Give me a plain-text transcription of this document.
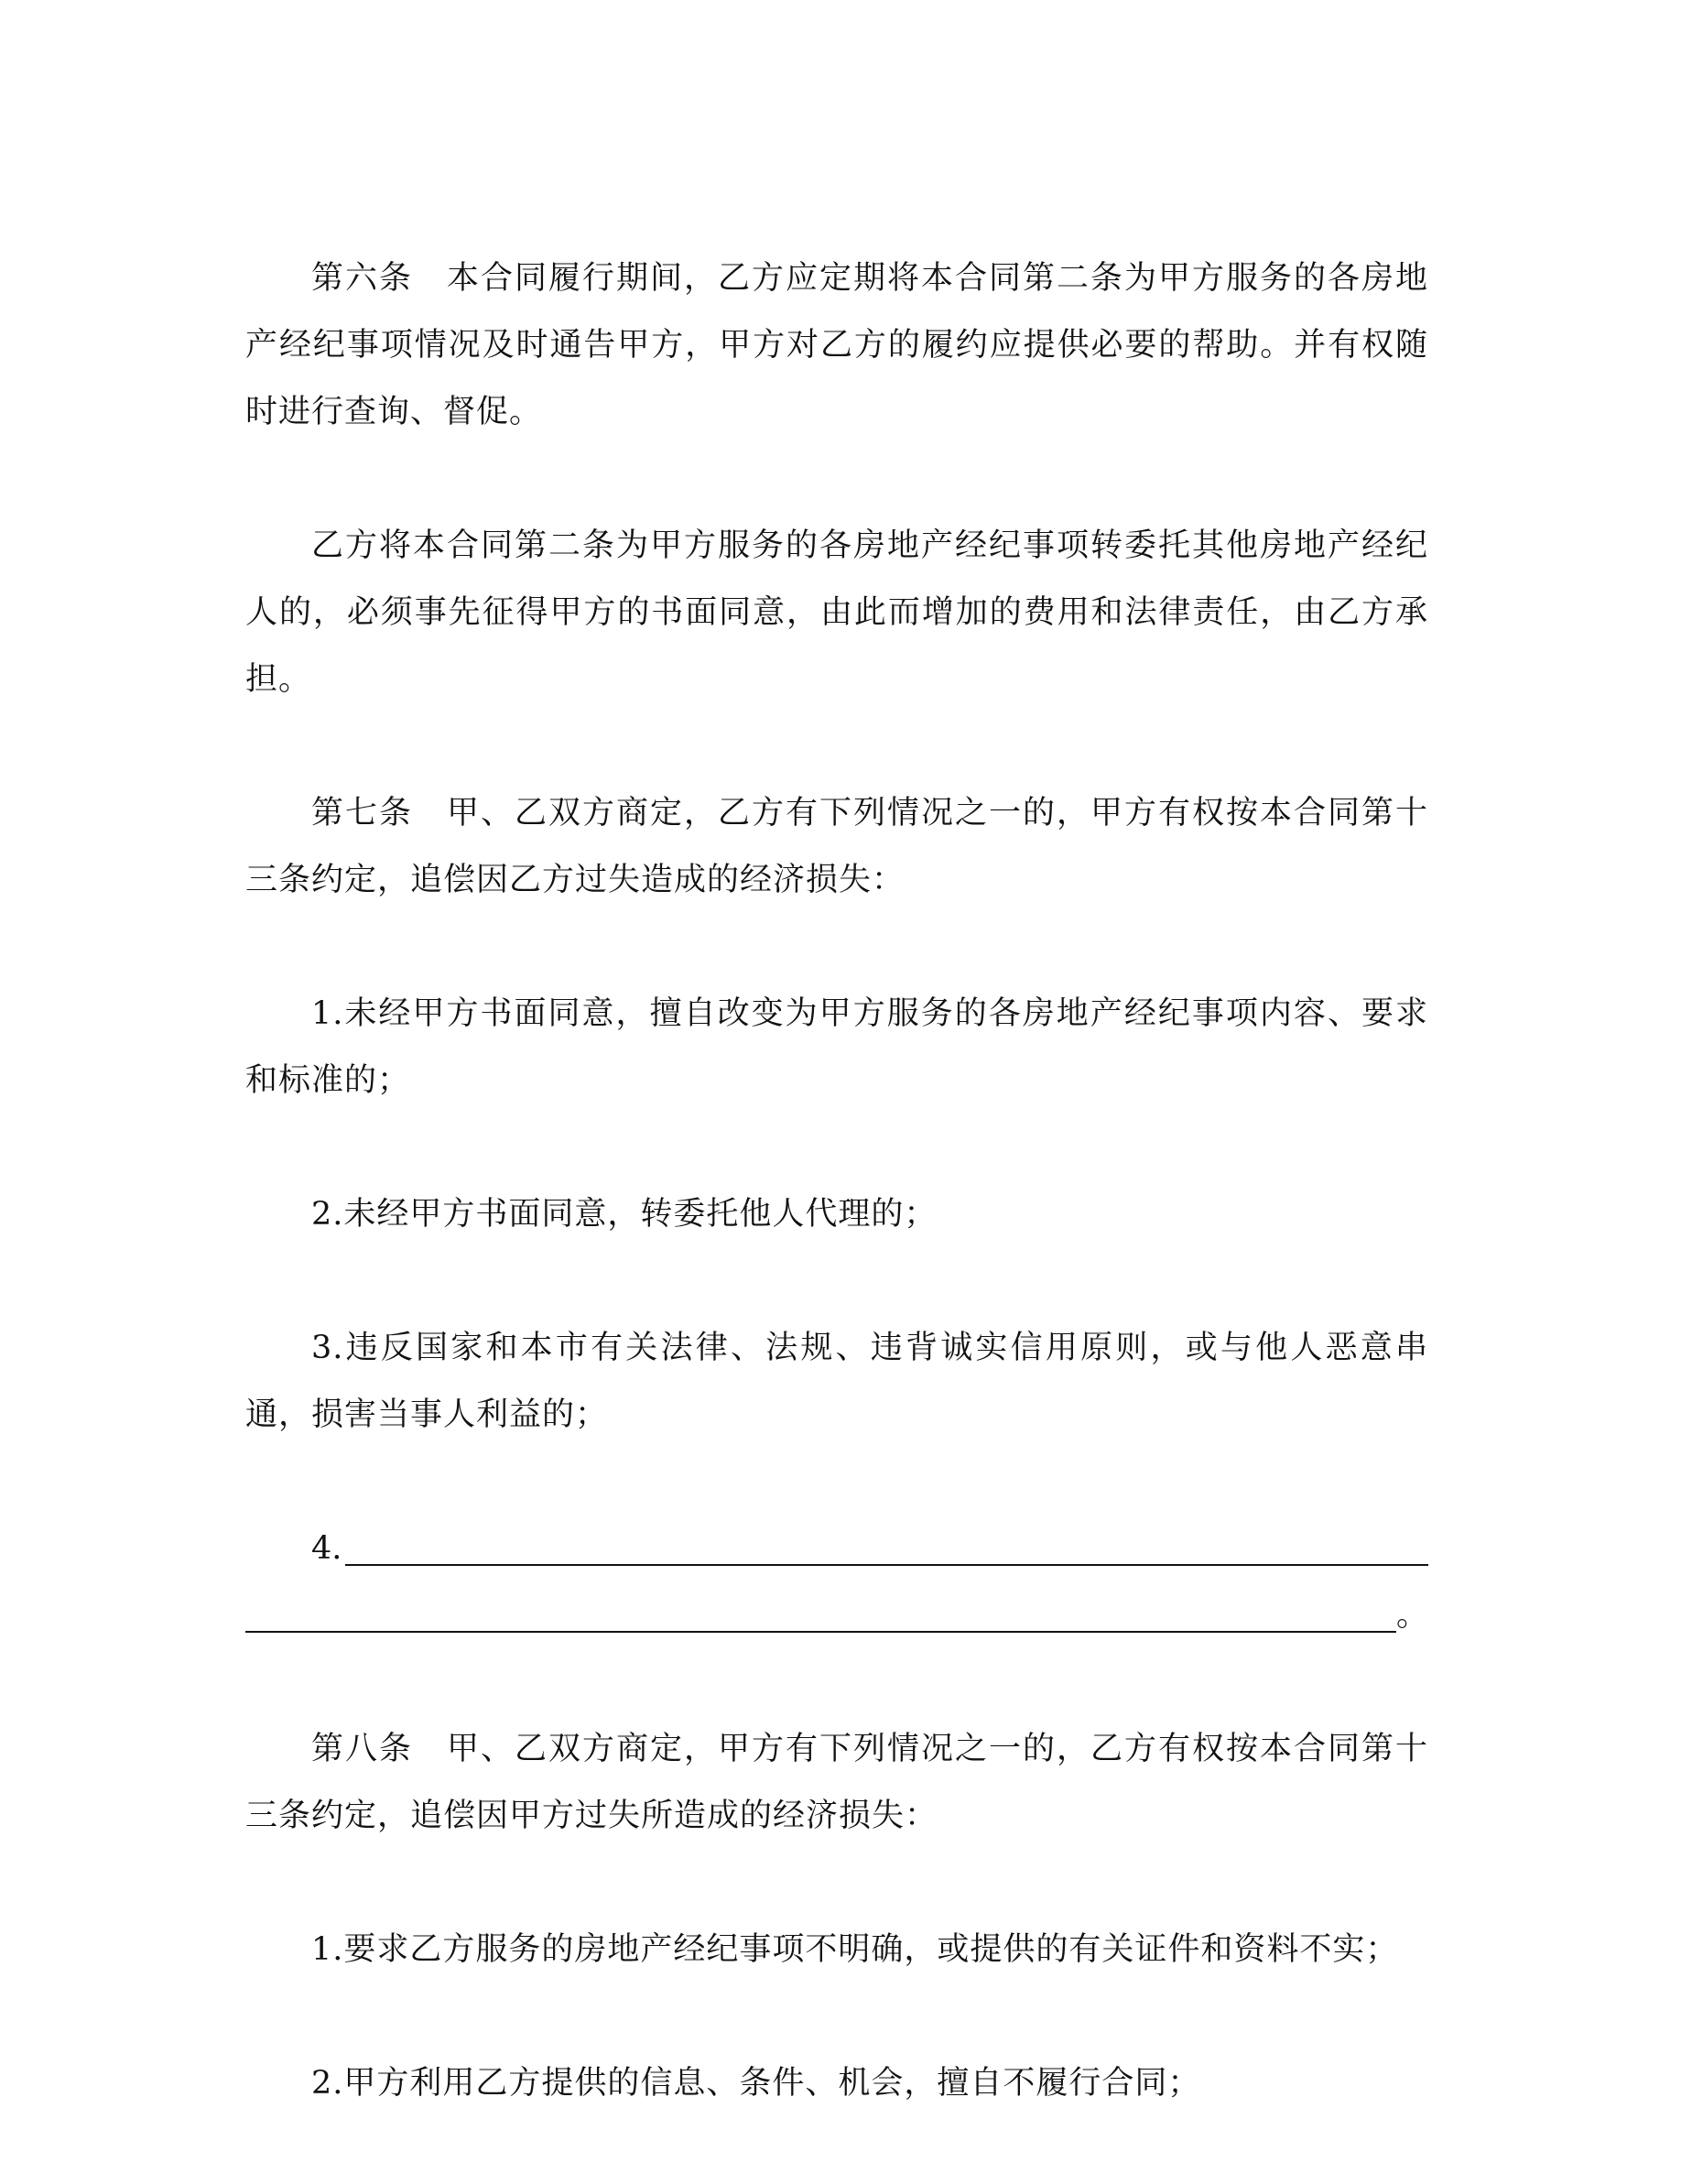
第六条　本合同履行期间，乙方应定期将本合同第二条为甲方服务的各房地产经纪事项情况及时通告甲方，甲方对乙方的履约应提供必要的帮助。并有权随时进行查询、督促。

乙方将本合同第二条为甲方服务的各房地产经纪事项转委托其他房地产经纪人的，必须事先征得甲方的书面同意，由此而增加的费用和法律责任，由乙方承担。

第七条　甲、乙双方商定，乙方有下列情况之一的，甲方有权按本合同第十三条约定，追偿因乙方过失造成的经济损失：

1.未经甲方书面同意，擅自改变为甲方服务的各房地产经纪事项内容、要求和标准的；

2.未经甲方书面同意，转委托他人代理的；

3.违反国家和本市有关法律、法规、违背诚实信用原则，或与他人恶意串通，损害当事人利益的；

4.
。

第八条　甲、乙双方商定，甲方有下列情况之一的，乙方有权按本合同第十三条约定，追偿因甲方过失所造成的经济损失：

1.要求乙方服务的房地产经纪事项不明确，或提供的有关证件和资料不实；

2.甲方利用乙方提供的信息、条件、机会，擅自不履行合同；
